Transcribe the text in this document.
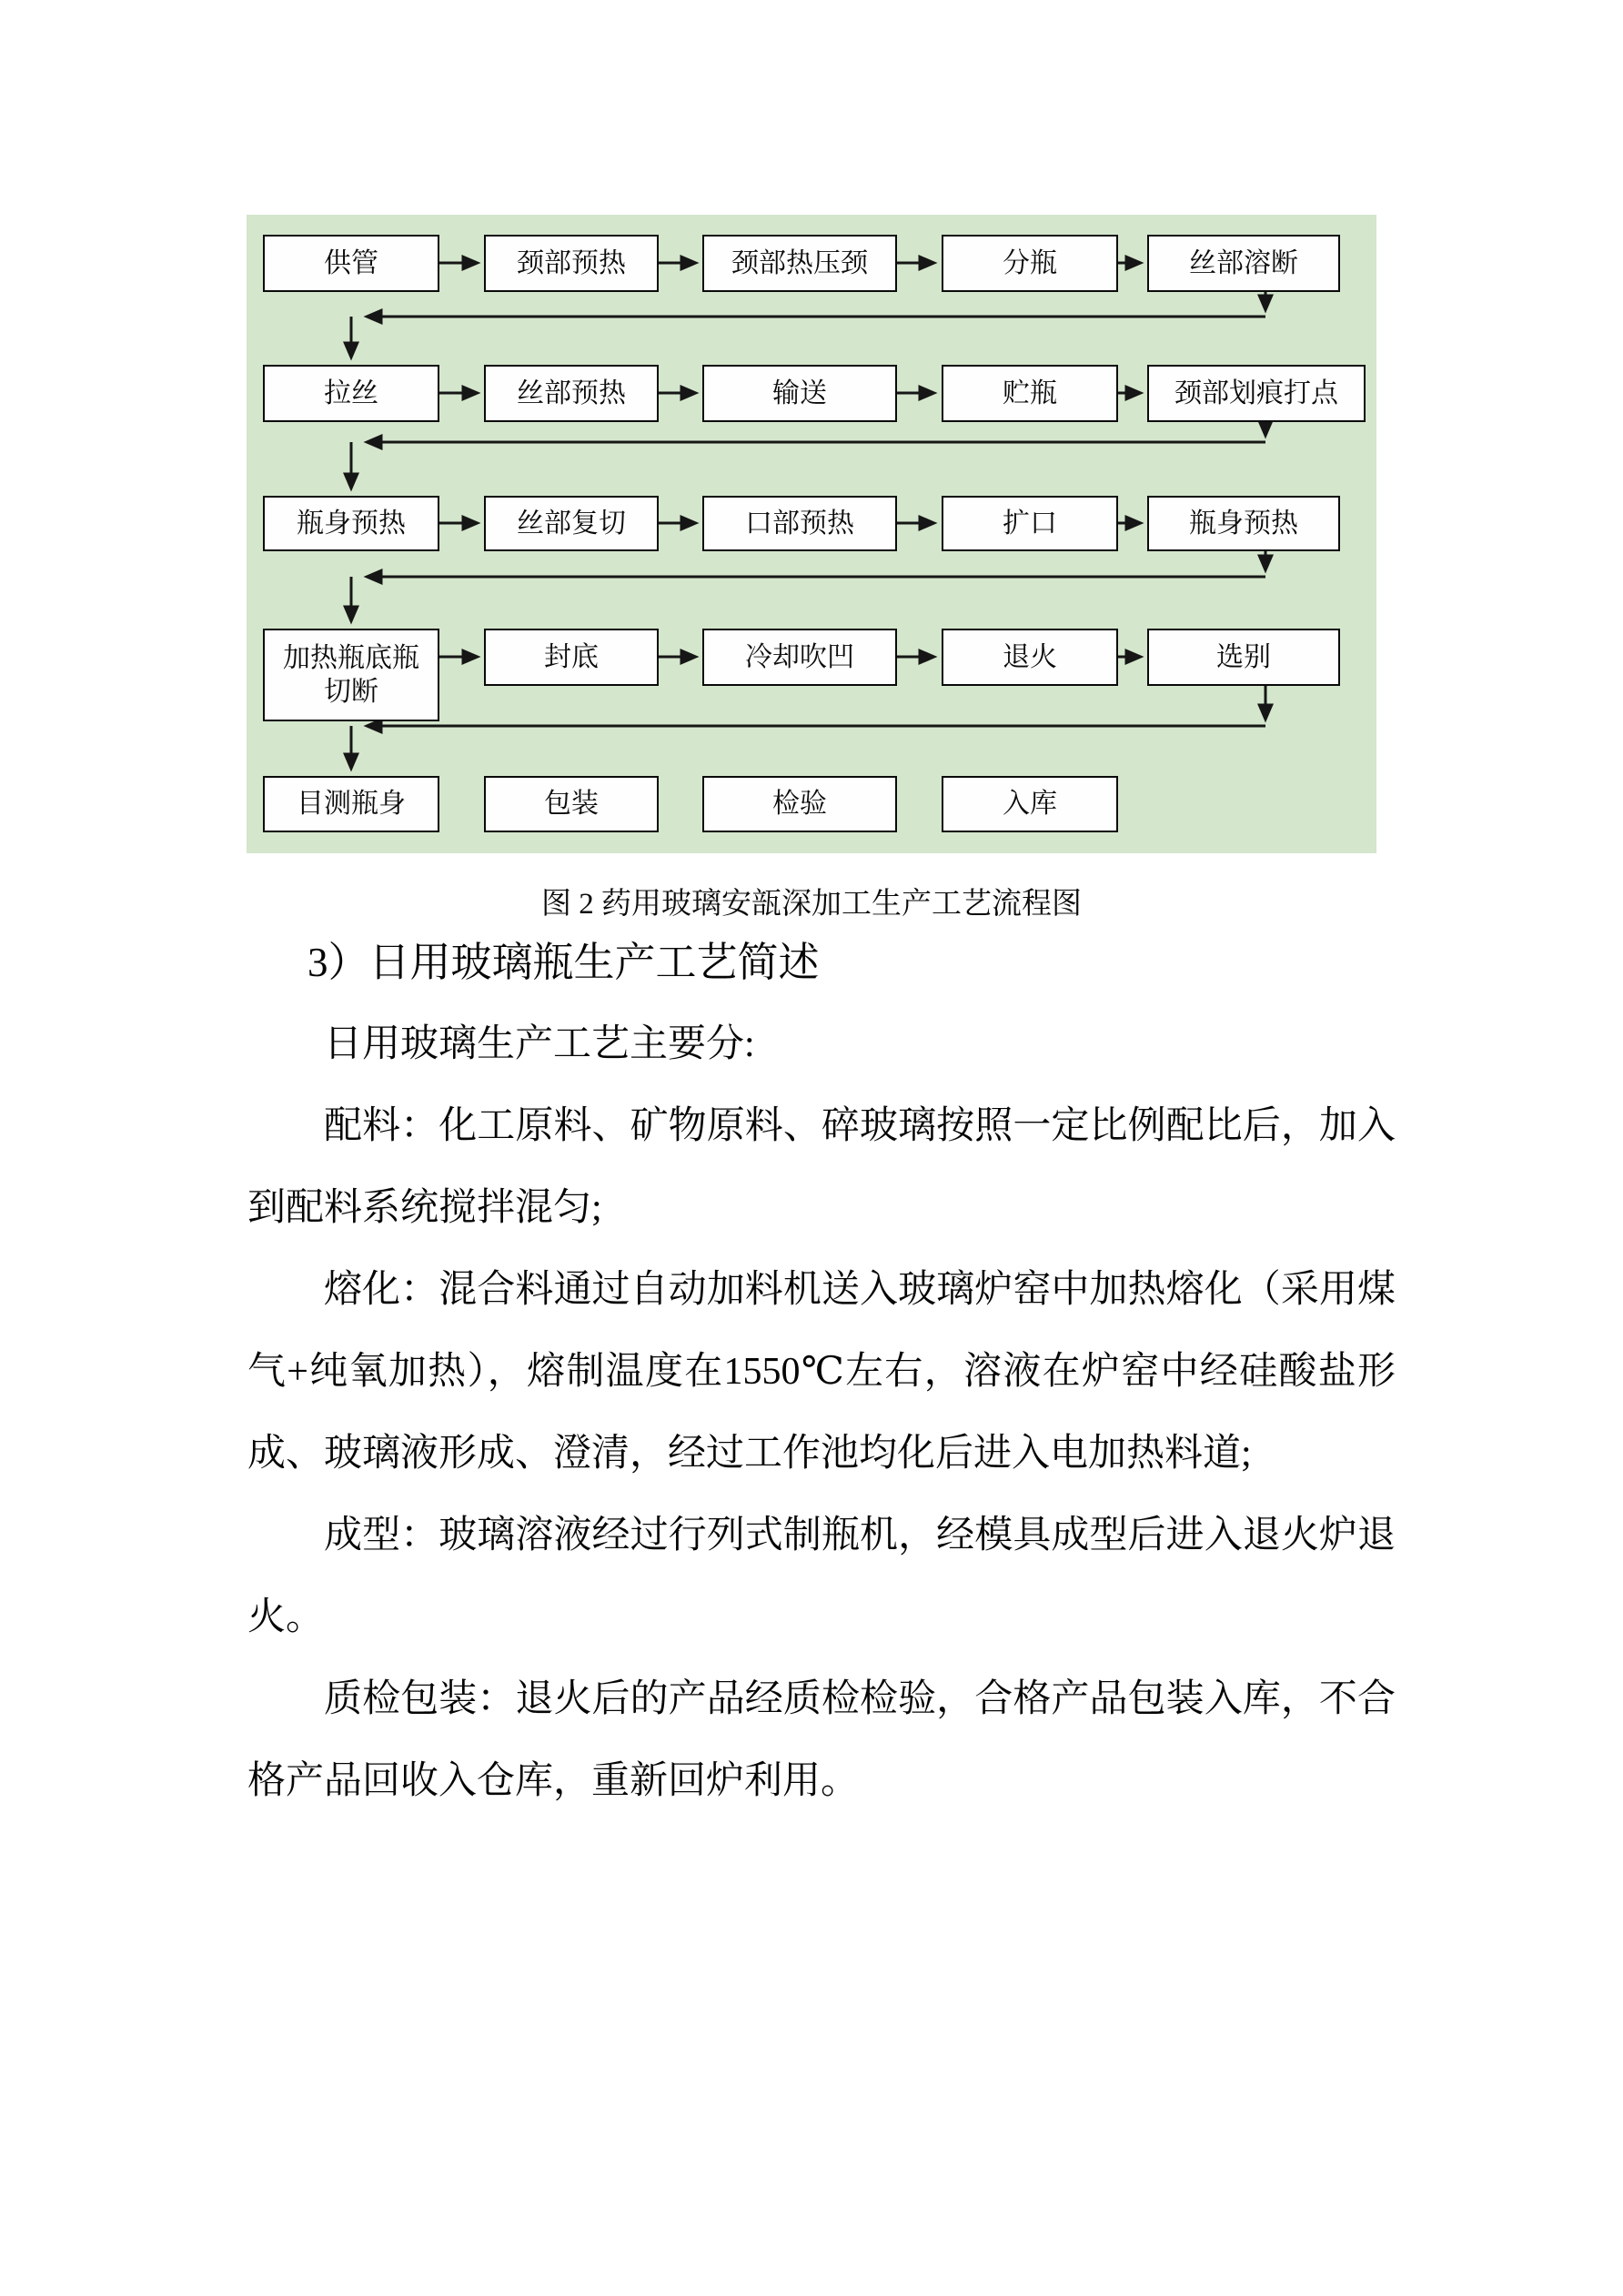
供管	颈部预热	颈部热压颈	分瓶	丝部溶断
拉丝	丝部预热	输送	贮瓶	颈部划痕打点
瓶身预热	丝部复切	口部预热	扩口	瓶身预热
加热瓶底瓶切断
封底	冷却吹凹	退火	选别
目测瓶身	包装	检验	入库
图 2 药用玻璃安瓿深加工生产工艺流程图
3）日用玻璃瓶生产工艺简述
日用玻璃生产工艺主要分:
配料：化工原料、矿物原料、碎玻璃按照一定比例配比后，加入
到配料系统搅拌混匀;
熔化：混合料通过自动加料机送入玻璃炉窑中加热熔化（采用煤
气+纯氧加热），熔制温度在1550℃左右，溶液在炉窑中经硅酸盐形
成、玻璃液形成、澄清，经过工作池均化后进入电加热料道;
成型：玻璃溶液经过行列式制瓶机，经模具成型后进入退火炉退
火。
质检包装：退火后的产品经质检检验，合格产品包装入库，不合
格产品回收入仓库，重新回炉利用。
